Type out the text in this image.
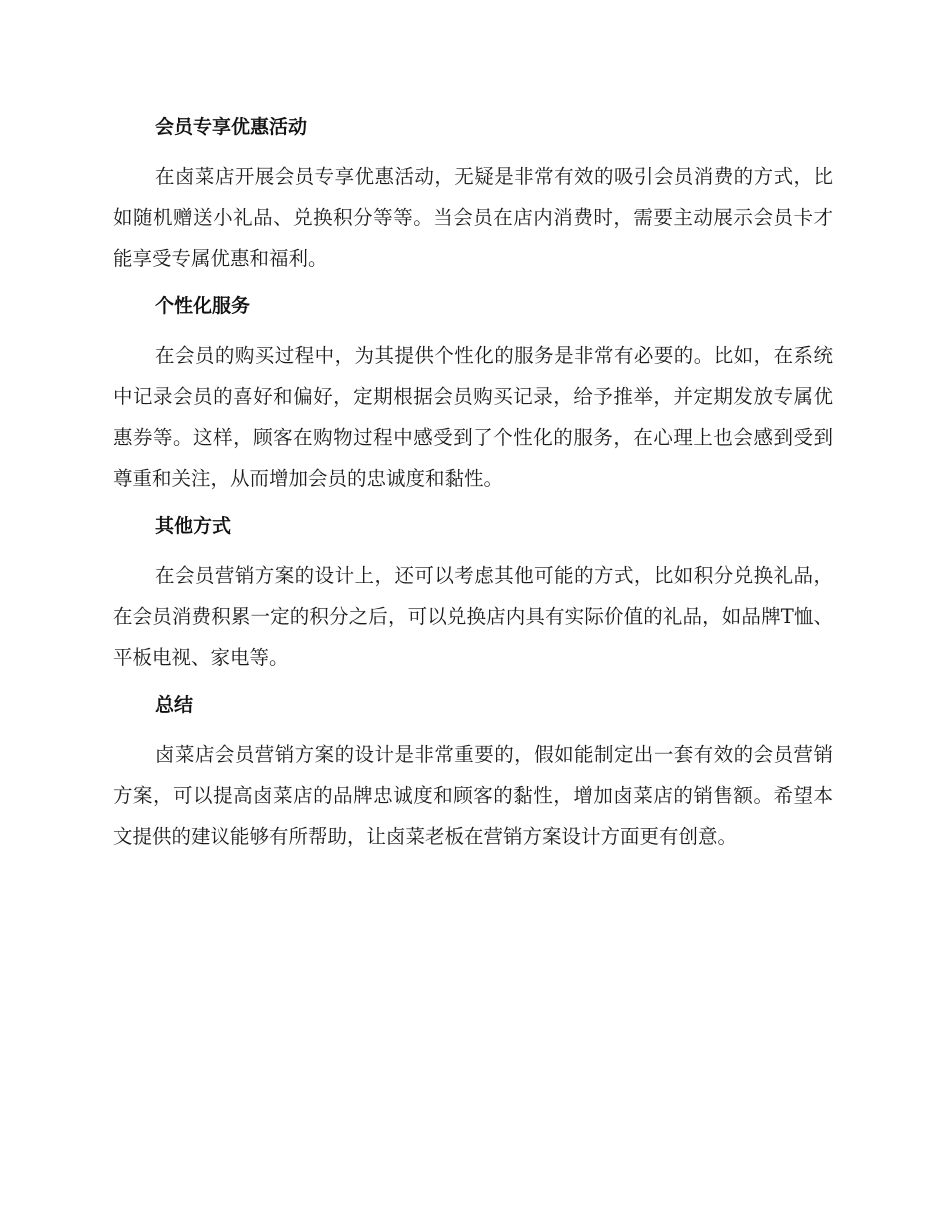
会员专享优惠活动

在卤菜店开展会员专享优惠活动，无疑是非常有效的吸引会员消费的方式，比如随机赠送小礼品、兑换积分等等。当会员在店内消费时，需要主动展示会员卡才能享受专属优惠和福利。

个性化服务

在会员的购买过程中，为其提供个性化的服务是非常有必要的。比如，在系统中记录会员的喜好和偏好，定期根据会员购买记录，给予推举，并定期发放专属优惠券等。这样，顾客在购物过程中感受到了个性化的服务，在心理上也会感到受到尊重和关注，从而增加会员的忠诚度和黏性。

其他方式

在会员营销方案的设计上，还可以考虑其他可能的方式，比如积分兑换礼品，在会员消费积累一定的积分之后，可以兑换店内具有实际价值的礼品，如品牌T恤、平板电视、家电等。

总结

卤菜店会员营销方案的设计是非常重要的，假如能制定出一套有效的会员营销方案，可以提高卤菜店的品牌忠诚度和顾客的黏性，增加卤菜店的销售额。希望本文提供的建议能够有所帮助，让卤菜老板在营销方案设计方面更有创意。
